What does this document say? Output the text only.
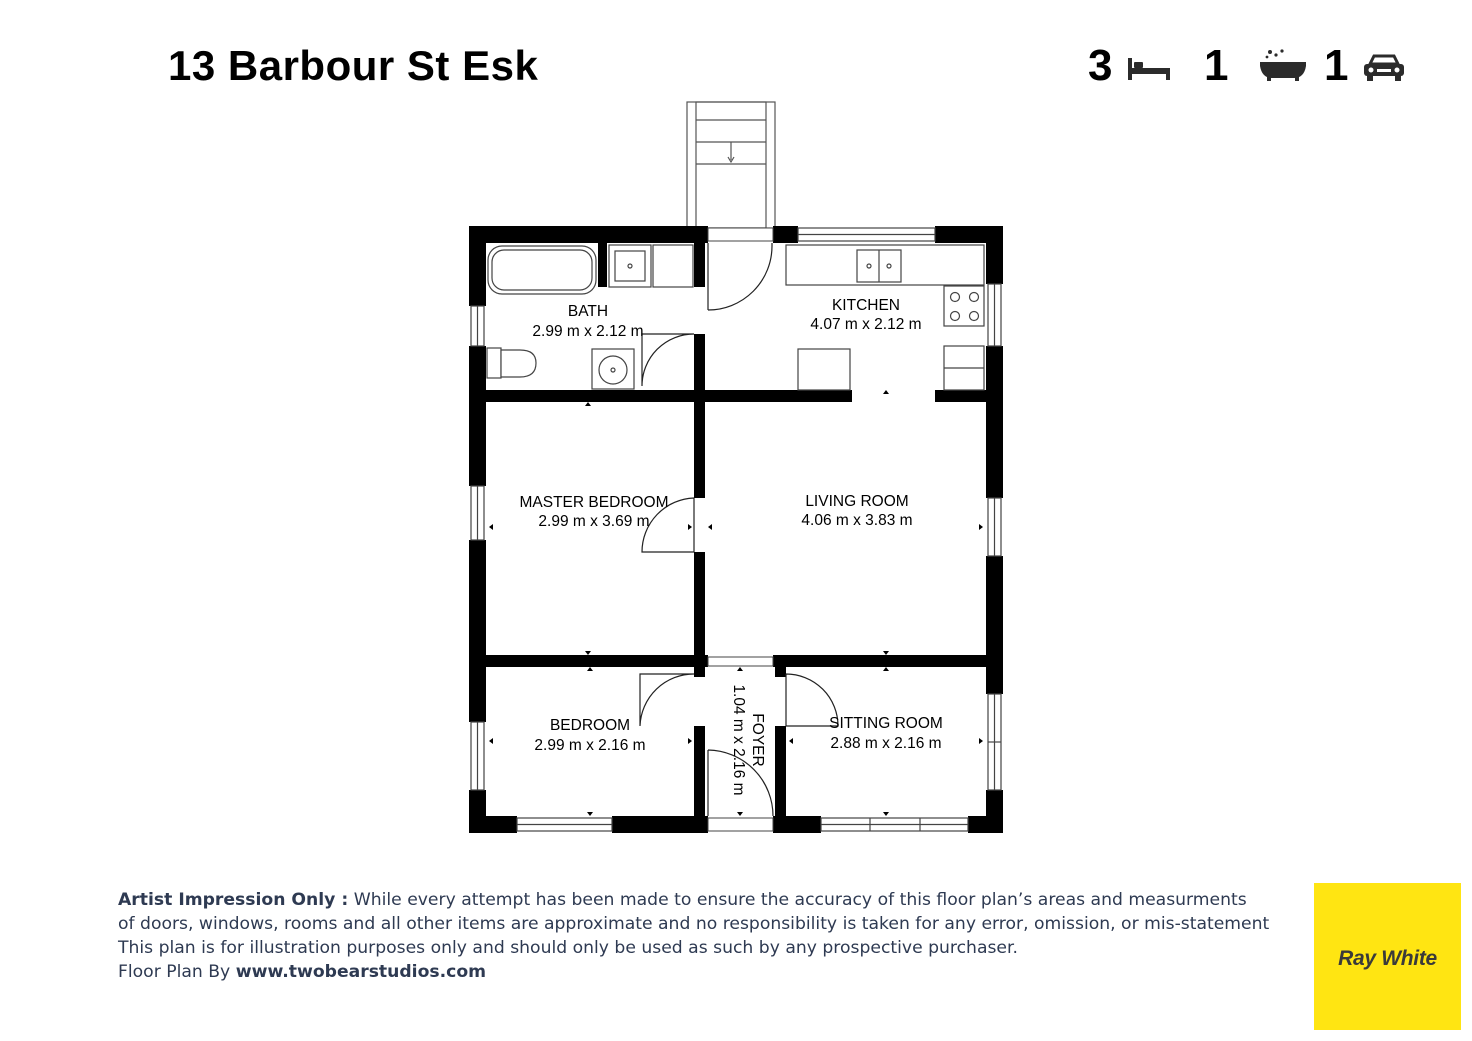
13 Barbour St Esk	3 1 1
BATH
2.99 m x 2.12 m
KITCHEN
4.07 m x 2.12 m
MASTER BEDROOM
2.99 m x 3.69 m
LIVING ROOM
4.06 m x 3.83 m
BEDROOM
2.99 m x 2.16 m
SITTING ROOM
2.88 m x 2.16 m
FOYER
1.04 m x 2.16 m
Artist Impression Only : While every attempt has been made to ensure the accuracy of this floor plan’s areas and measurments
of doors, windows, rooms and all other items are approximate and no responsibility is taken for any error, omission, or mis-statement
This plan is for illustration purposes only and should only be used as such by any prospective purchaser.
Floor Plan By www.twobearstudios.com
Ray White
